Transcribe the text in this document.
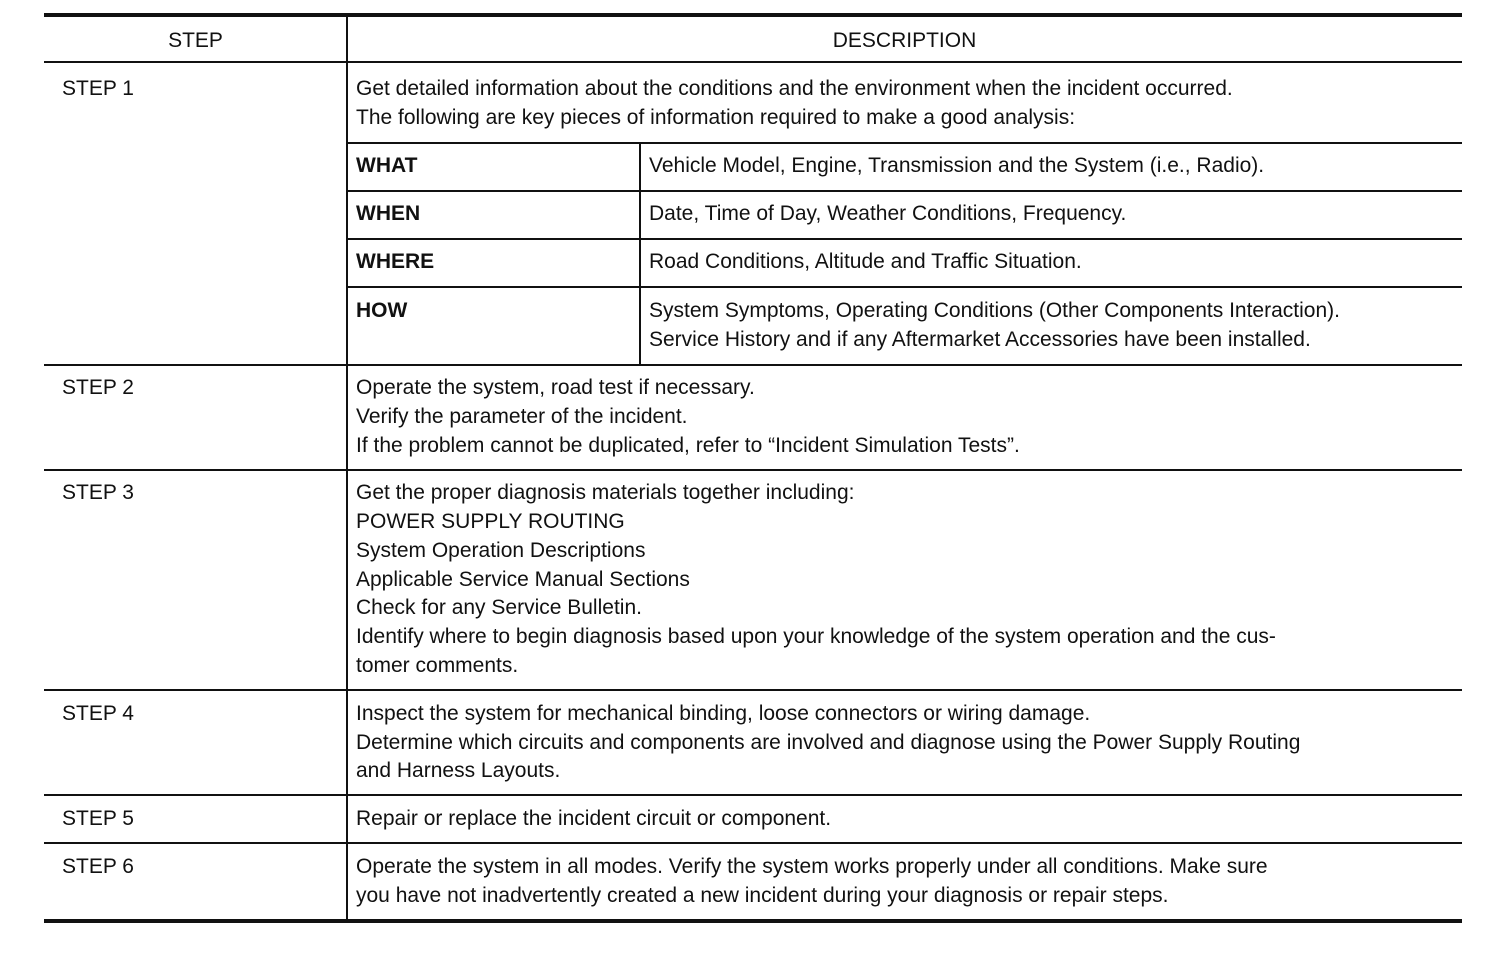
STEP	DESCRIPTION
STEP 1	Get detailed information about the conditions and the environment when the incident occurred.
The following are key pieces of information required to make a good analysis:
WHAT	Vehicle Model, Engine, Transmission and the System (i.e., Radio).
WHEN	Date, Time of Day, Weather Conditions, Frequency.
WHERE	Road Conditions, Altitude and Traffic Situation.
HOW	System Symptoms, Operating Conditions (Other Components Interaction).
Service History and if any Aftermarket Accessories have been installed.
STEP 2	Operate the system, road test if necessary.
Verify the parameter of the incident.
If the problem cannot be duplicated, refer to “Incident Simulation Tests”.
STEP 3	Get the proper diagnosis materials together including:
POWER SUPPLY ROUTING
System Operation Descriptions
Applicable Service Manual Sections
Check for any Service Bulletin.
Identify where to begin diagnosis based upon your knowledge of the system operation and the cus-
tomer comments.
STEP 4	Inspect the system for mechanical binding, loose connectors or wiring damage.
Determine which circuits and components are involved and diagnose using the Power Supply Routing
and Harness Layouts.
STEP 5	Repair or replace the incident circuit or component.
STEP 6	Operate the system in all modes. Verify the system works properly under all conditions. Make sure
you have not inadvertently created a new incident during your diagnosis or repair steps.
